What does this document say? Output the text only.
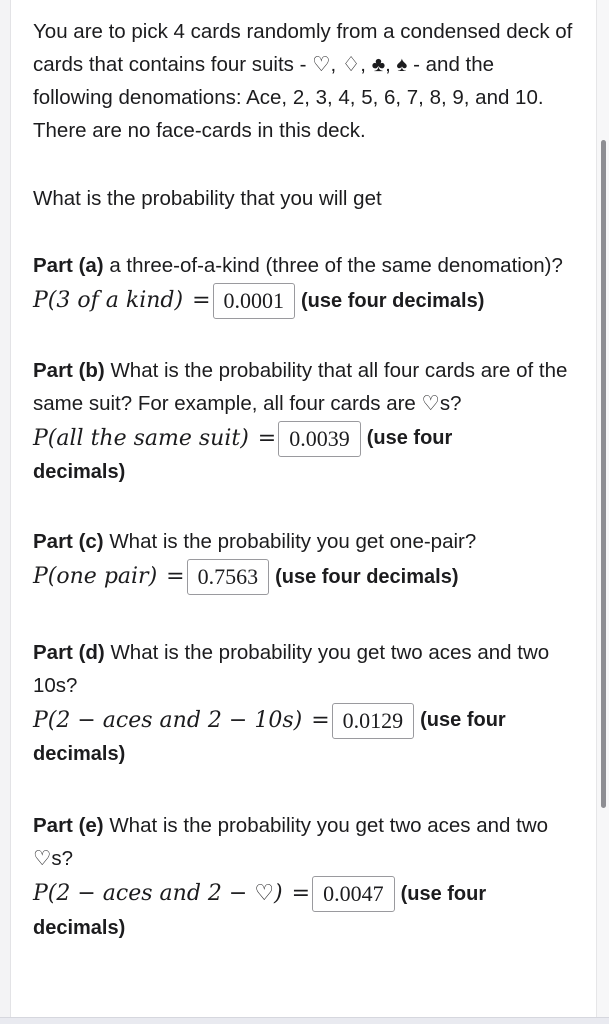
You are to pick 4 cards randomly from a condensed deck of cards that contains four suits - ♡, ♢, ♣, ♠ - and the following denomations: Ace, 2, 3, 4, 5, 6, 7, 8, 9, and 10. There are no face-cards in this deck.

What is the probability that you will get

Part (a) a three-of-a-kind (three of the same denomation)?

P(3 of a kind) = 0.0001 (use four decimals)

Part (b) What is the probability that all four cards are of the same suit? For example, all four cards are ♡s?

P(all the same suit) = 0.0039 (use four

decimals)

Part (c) What is the probability you get one-pair?

P(one pair) = 0.7563 (use four decimals)

Part (d) What is the probability you get two aces and two 10s?

P(2 − aces and 2 − 10s) = 0.0129 (use four

decimals)

Part (e) What is the probability you get two aces and two ♡s?

P(2 − aces and 2 − ♡) = 0.0047 (use four

decimals)
